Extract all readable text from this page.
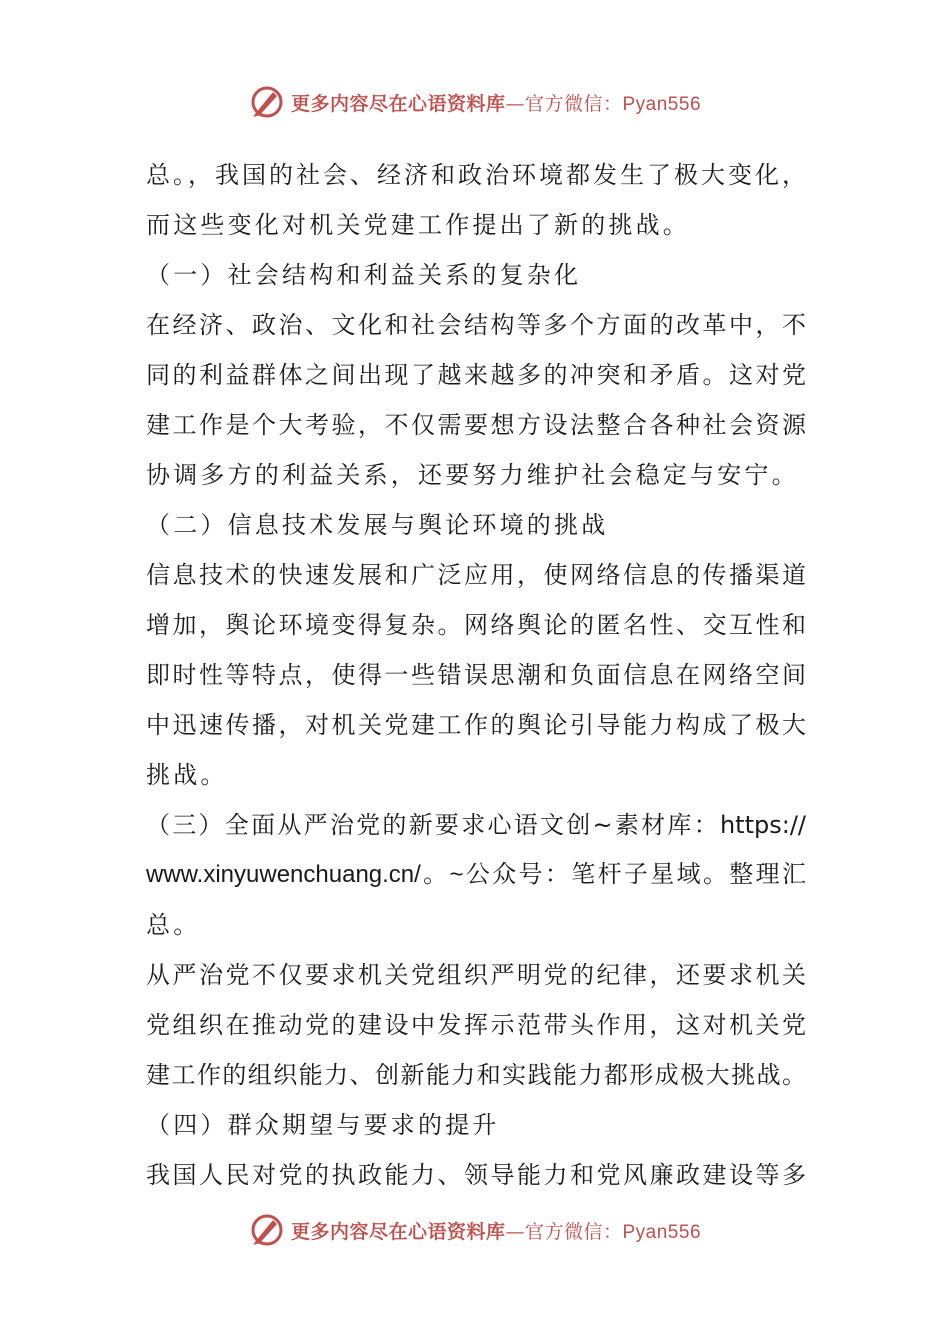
更多内容尽在心语资料库—官方微信：Pyan556
总。，我国的社会、经济和政治环境都发生了极大变化，
而这些变化对机关党建工作提出了新的挑战。
（一）社会结构和利益关系的复杂化
在经济、政治、文化和社会结构等多个方面的改革中，不
同的利益群体之间出现了越来越多的冲突和矛盾。这对党
建工作是个大考验，不仅需要想方设法整合各种社会资源
协调多方的利益关系，还要努力维护社会稳定与安宁。
（二）信息技术发展与舆论环境的挑战
信息技术的快速发展和广泛应用，使网络信息的传播渠道
增加，舆论环境变得复杂。网络舆论的匿名性、交互性和
即时性等特点，使得一些错误思潮和负面信息在网络空间
中迅速传播，对机关党建工作的舆论引导能力构成了极大
挑战。
（三）全面从严治党的新要求心语文创~素材库：https://
www.xinyuwenchuang.cn/。~公众号：笔杆子星域。整理汇
总。
从严治党不仅要求机关党组织严明党的纪律，还要求机关
党组织在推动党的建设中发挥示范带头作用，这对机关党
建工作的组织能力、创新能力和实践能力都形成极大挑战。
（四）群众期望与要求的提升
我国人民对党的执政能力、领导能力和党风廉政建设等多
更多内容尽在心语资料库—官方微信：Pyan556
